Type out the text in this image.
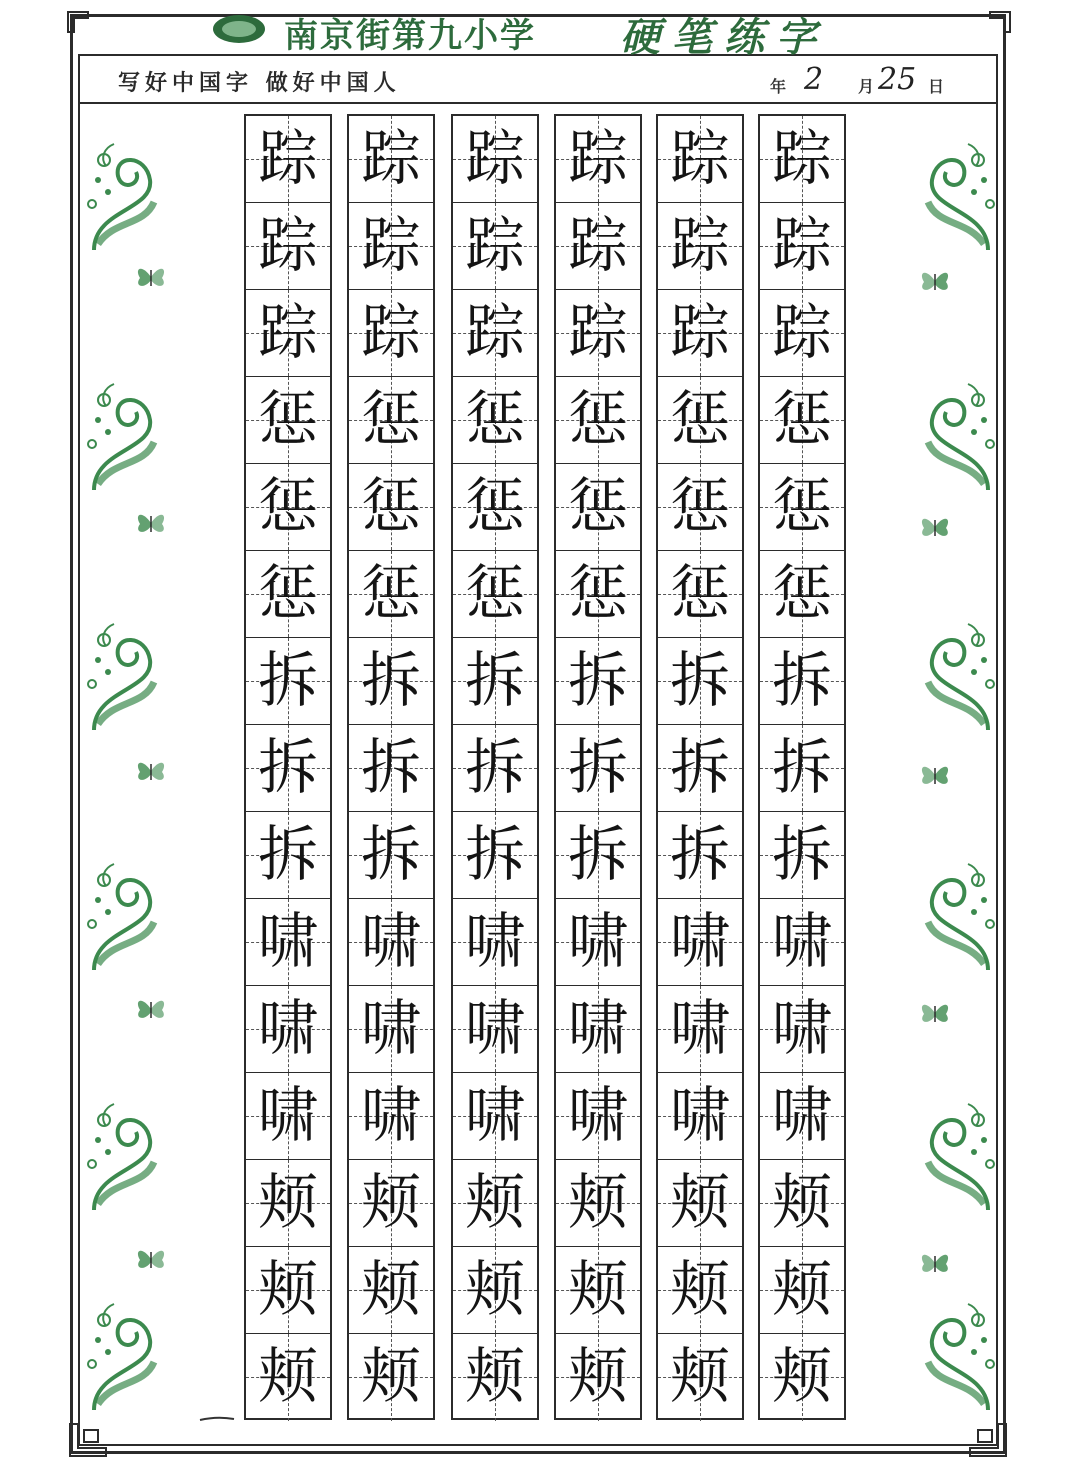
南京街第九小学 硬笔练字
写好中国字 做好中国人	年 2 月 25 日
踪
踪
踪
惩
惩
惩
拆
拆
拆
啸
啸
啸
颊
颊
颊
踪
踪
踪
惩
惩
惩
拆
拆
拆
啸
啸
啸
颊
颊
颊
踪
踪
踪
惩
惩
惩
拆
拆
拆
啸
啸
啸
颊
颊
颊
踪
踪
踪
惩
惩
惩
拆
拆
拆
啸
啸
啸
颊
颊
颊
踪
踪
踪
惩
惩
惩
拆
拆
拆
啸
啸
啸
颊
颊
颊
踪
踪
踪
惩
惩
惩
拆
拆
拆
啸
啸
啸
颊
颊
颊
